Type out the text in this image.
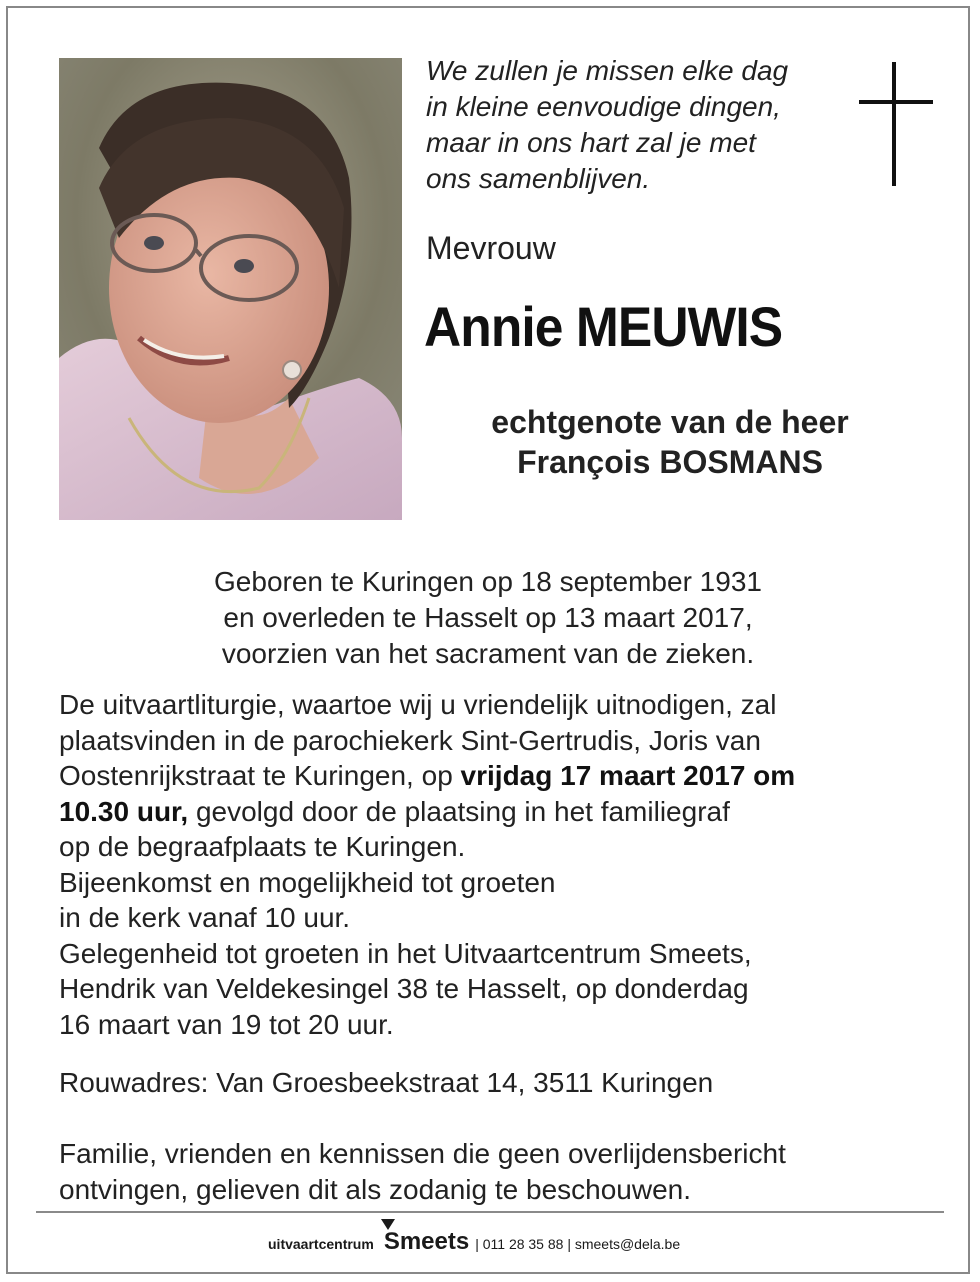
We zullen je missen elke dag
in kleine eenvoudige dingen,
maar in ons hart zal je met
ons samenblijven.
Mevrouw
Annie MEUWIS
echtgenote van de heer
François BOSMANS
Geboren te Kuringen op 18 september 1931
en overleden te Hasselt op 13 maart 2017,
voorzien van het sacrament van de zieken.
De uitvaartliturgie, waartoe wij u vriendelijk uitnodigen, zal
plaatsvinden in de parochiekerk Sint-Gertrudis, Joris van
Oostenrijkstraat te Kuringen, op vrijdag 17 maart 2017 om
10.30 uur, gevolgd door de plaatsing in het familiegraf
op de begraafplaats te Kuringen.
Bijeenkomst en mogelijkheid tot groeten
in de kerk vanaf 10 uur.
Gelegenheid tot groeten in het Uitvaartcentrum Smeets,
Hendrik van Veldekesingel 38 te Hasselt, op donderdag
16 maart van 19 tot 20 uur.
Rouwadres: Van Groesbeekstraat 14, 3511 Kuringen
Familie, vrienden en kennissen die geen overlijdensbericht
ontvingen, gelieven dit als zodanig te beschouwen.
uitvaartcentrum Smeets | 011 28 35 88 | smeets@dela.be
